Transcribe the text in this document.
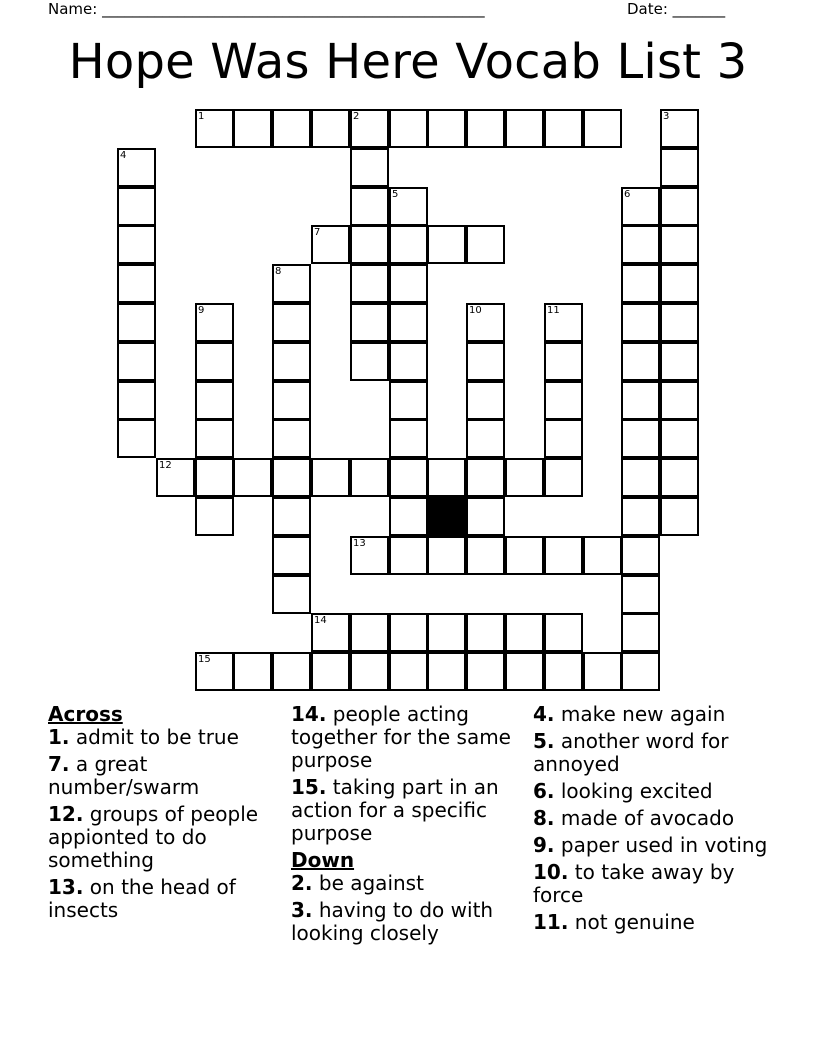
Name: ___________________________________________________	Date: _______
Hope Was Here Vocab List 3
1	2	3
4
5	6
7
8
9	10	11
12
13
14
15
Across
1. admit to be true
7. a great number/swarm
12. groups of people appionted to do something
13. on the head of insects
14. people acting together for the same purpose
15. taking part in an action for a specific purpose
Down
2. be against
3. having to do with looking closely
4. make new again
5. another word for annoyed
6. looking excited
8. made of avocado
9. paper used in voting
10. to take away by force
11. not genuine
